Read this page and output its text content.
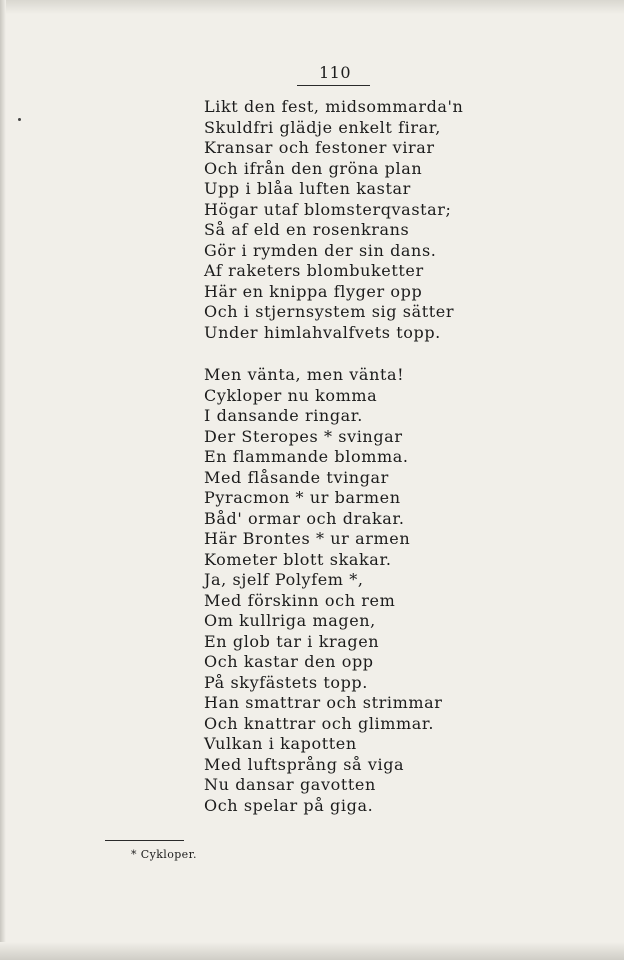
110
Likt den fest, midsommarda'n
Skuldfri glädje enkelt firar,
Kransar och festoner virar
Och ifrån den gröna plan
Upp i blåa luften kastar
Högar utaf blomsterqvastar;
Så af eld en rosenkrans
Gör i rymden der sin dans.
Af raketers blombuketter
Här en knippa flyger opp
Och i stjernsystem sig sätter
Under himlahvalfvets topp.
Men vänta, men vänta!
Cykloper nu komma
I dansande ringar.
Der Steropes * svingar
En flammande blomma.
Med flåsande tvingar
Pyracmon * ur barmen
Båd' ormar och drakar.
Här Brontes * ur armen
Kometer blott skakar.
Ja, sjelf Polyfem *,
Med förskinn och rem
Om kullriga magen,
En glob tar i kragen
Och kastar den opp
På skyfästets topp.
Han smattrar och strimmar
Och knattrar och glimmar.
Vulkan i kapotten
Med luftsprång så viga
Nu dansar gavotten
Och spelar på giga.
* Cykloper.
